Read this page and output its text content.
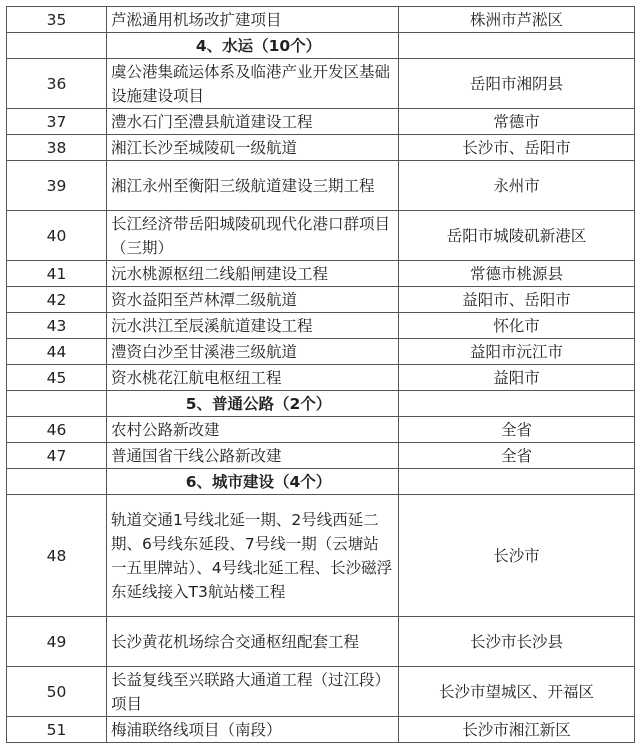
35	芦淞通用机场改扩建项目	株洲市芦淞区
	4、水运（10个）	
36	虞公港集疏运体系及临港产业开发区基础设施建设项目	岳阳市湘阴县
37	澧水石门至澧县航道建设工程	常德市
38	湘江长沙至城陵矶一级航道	长沙市、岳阳市
39	湘江永州至衡阳三级航道建设三期工程	永州市
40	长江经济带岳阳城陵矶现代化港口群项目（三期）	岳阳市城陵矶新港区
41	沅水桃源枢纽二线船闸建设工程	常德市桃源县
42	资水益阳至芦林潭二级航道	益阳市、岳阳市
43	沅水洪江至辰溪航道建设工程	怀化市
44	澧资白沙至甘溪港三级航道	益阳市沅江市
45	资水桃花江航电枢纽工程	益阳市
	5、普通公路（2个）	
46	农村公路新改建	全省
47	普通国省干线公路新改建	全省
	6、城市建设（4个）	
48	轨道交通1号线北延一期、2号线西延二期、6号线东延段、7号线一期（云塘站一五里牌站）、4号线北延工程、长沙磁浮东延线接入T3航站楼工程	长沙市
49	长沙黄花机场综合交通枢纽配套工程	长沙市长沙县
50	长益复线至兴联路大通道工程（过江段）项目	长沙市望城区、开福区
51	梅浦联络线项目（南段）	长沙市湘江新区
